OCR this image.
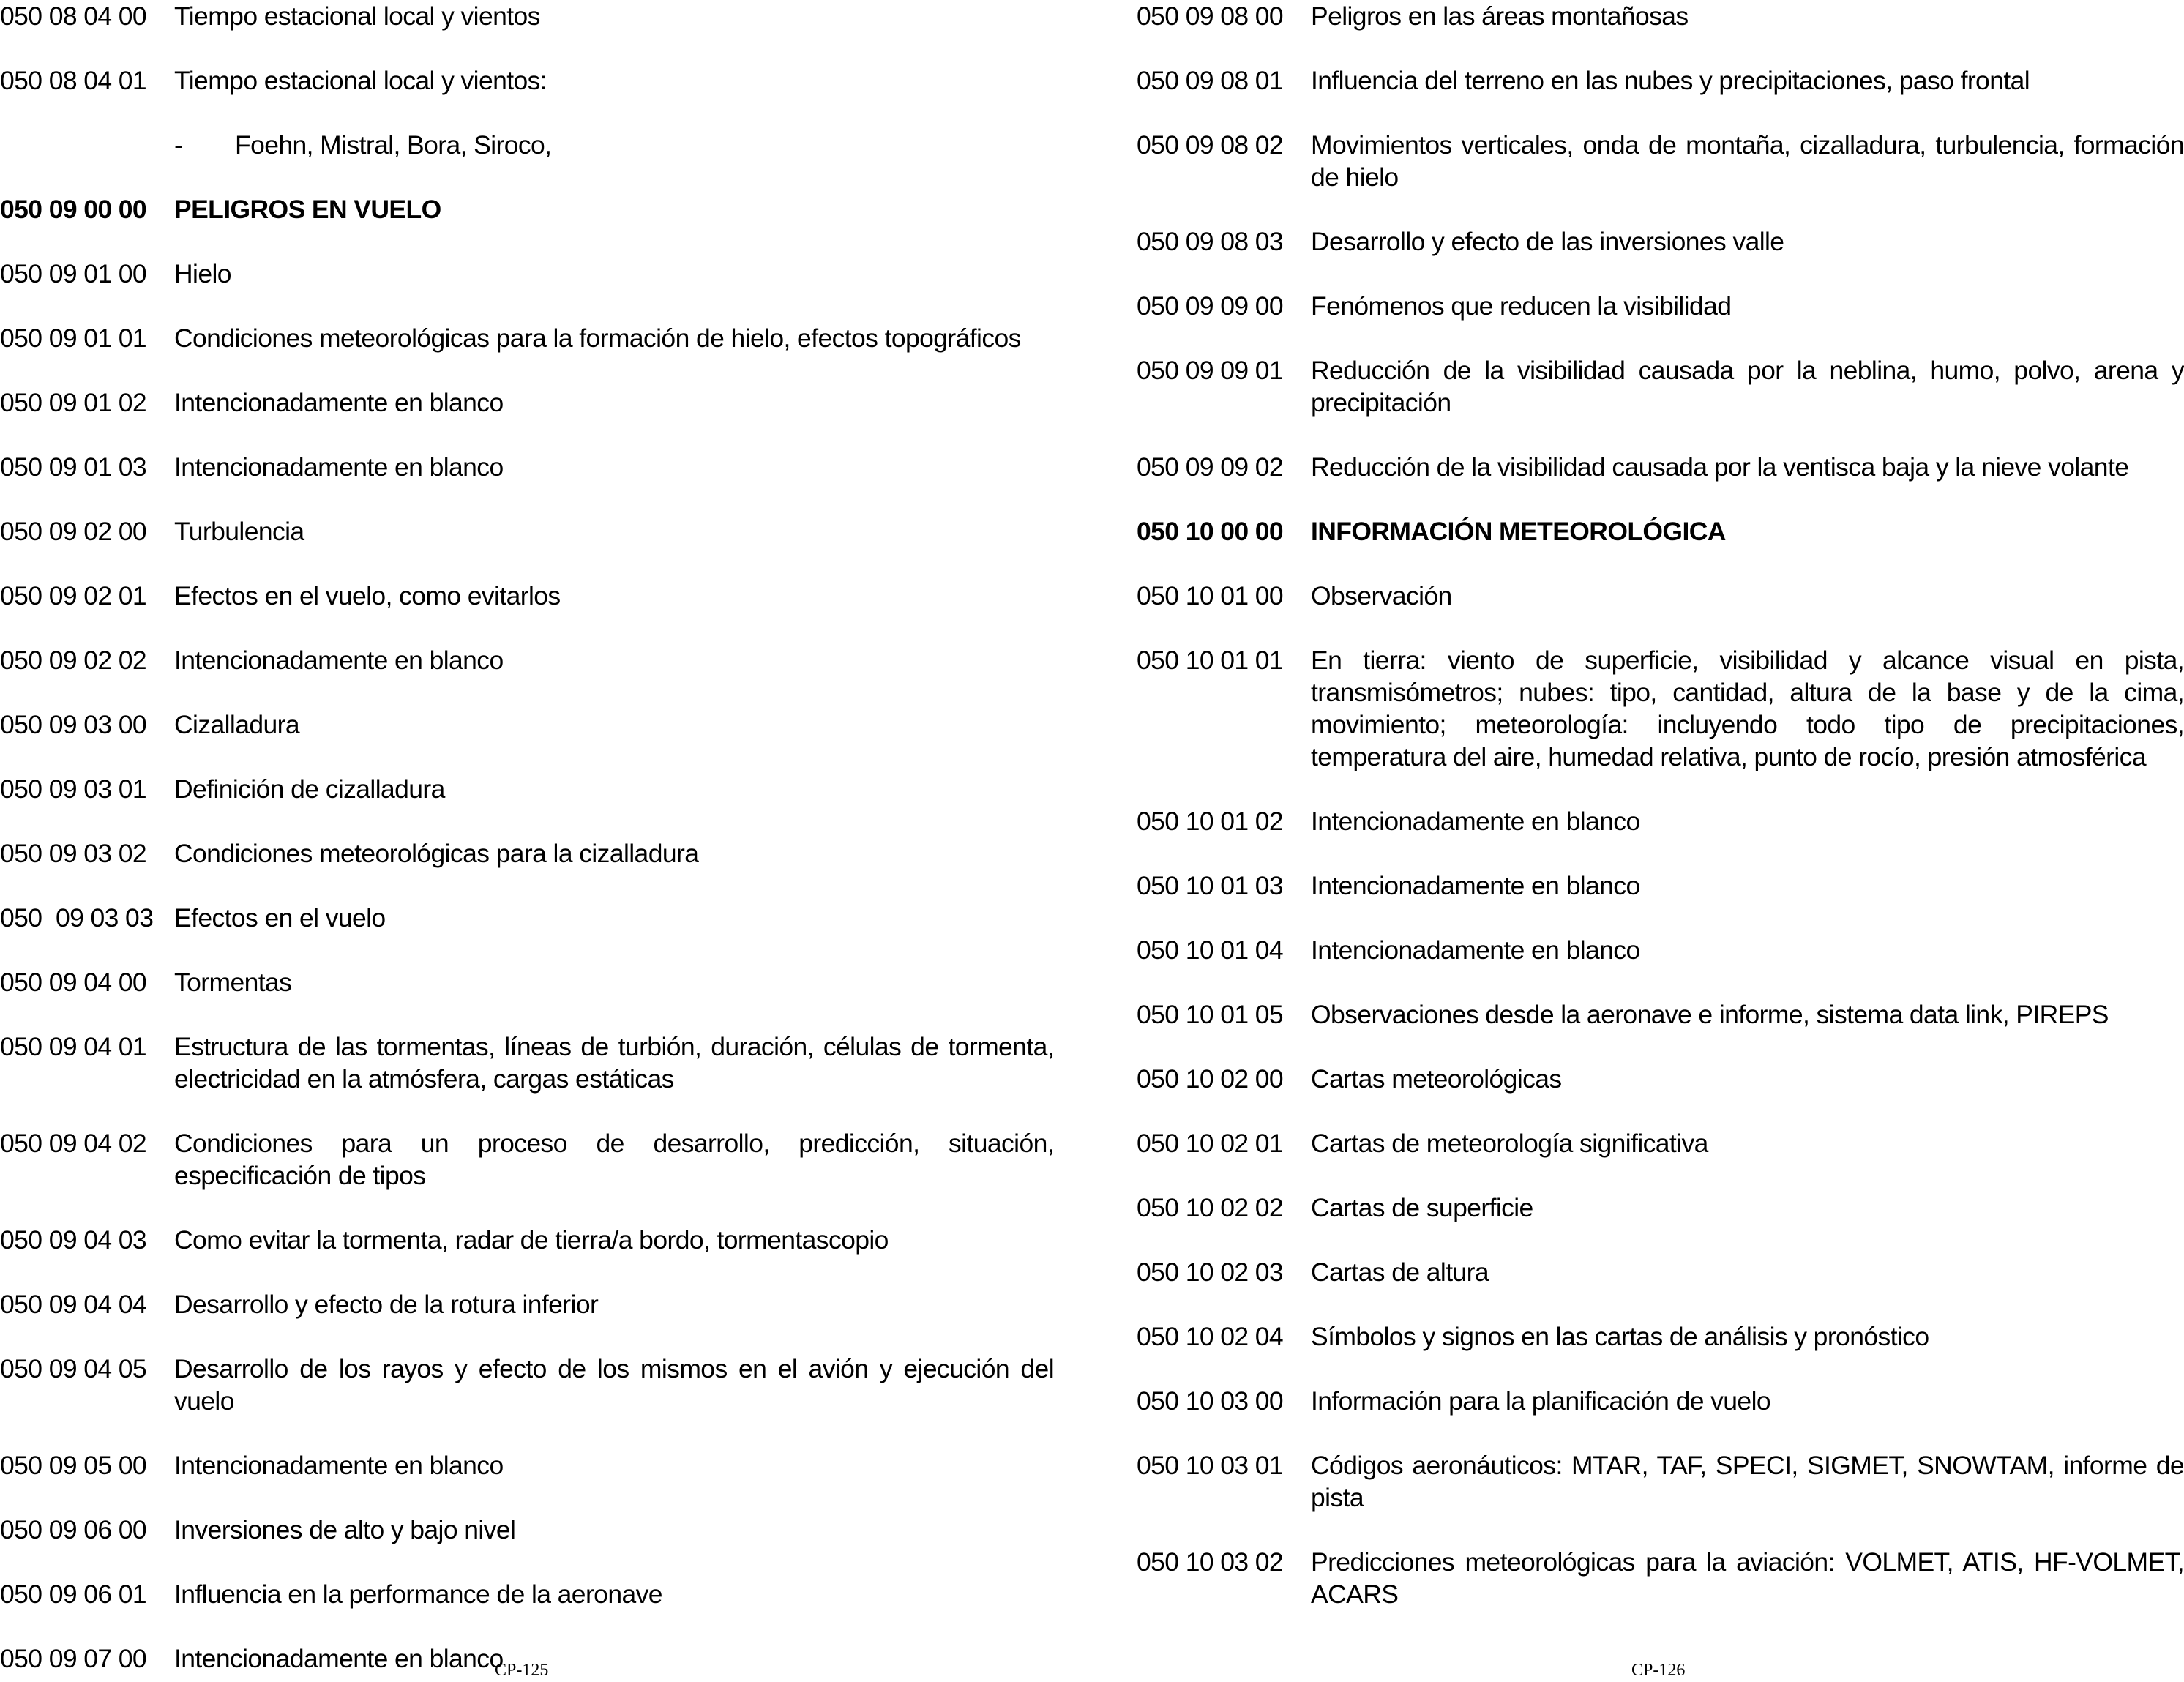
050 08 04 00	Tiempo estacional local y vientos
050 08 04 01	Tiempo estacional local y vientos:
-	Foehn, Mistral, Bora, Siroco,
050 09 00 00	PELIGROS EN VUELO
050 09 01 00	Hielo
050 09 01 01	Condiciones meteorológicas para la formación de hielo, efectos topográficos
050 09 01 02	Intencionadamente en blanco
050 09 01 03	Intencionadamente en blanco
050 09 02 00	Turbulencia
050 09 02 01	Efectos en el vuelo, como evitarlos
050 09 02 02	Intencionadamente en blanco
050 09 03 00	Cizalladura
050 09 03 01	Definición de cizalladura
050 09 03 02	Condiciones meteorológicas para la cizalladura
050  09 03 03 Efectos en el vuelo
050 09 04 00	Tormentas
050 09 04 01	Estructura de las tormentas, líneas de turbión, duración, células de tormenta, electricidad en la atmósfera, cargas estáticas
050 09 04 02	Condiciones para un proceso de desarrollo, predicción, situación, especificación de tipos
050 09 04 03	Como evitar la tormenta, radar de tierra/a bordo, tormentascopio
050 09 04 04	Desarrollo y efecto de la rotura inferior
050 09 04 05	Desarrollo de los rayos y efecto de los mismos en el avión y ejecución del vuelo
050 09 05 00	Intencionadamente en blanco
050 09 06 00	Inversiones de alto y bajo nivel
050 09 06 01	Influencia en la performance de la aeronave
050 09 07 00	Intencionadamente en blanco
050 09 08 00	Peligros en las áreas montañosas
050 09 08 01	Influencia del terreno en las nubes y precipitaciones, paso frontal
050 09 08 02	Movimientos verticales, onda de montaña, cizalladura, turbulencia, formación de hielo
050 09 08 03	Desarrollo y efecto de las inversiones valle
050 09 09 00	Fenómenos que reducen la visibilidad
050 09 09 01	Reducción de la visibilidad causada por la neblina, humo, polvo, arena y precipitación
050 09 09 02	Reducción de la visibilidad causada por la ventisca baja y la nieve volante
050 10 00 00	INFORMACIÓN METEOROLÓGICA
050 10 01 00	Observación
050 10 01 01	En tierra: viento de superficie, visibilidad y alcance visual en pista, transmisómetros; nubes: tipo, cantidad, altura de la base y de la cima, movimiento; meteorología: incluyendo todo tipo de precipitaciones, temperatura del aire, humedad relativa, punto de rocío, presión atmosférica
050 10 01 02	Intencionadamente en blanco
050 10 01 03	Intencionadamente en blanco
050 10 01 04	Intencionadamente en blanco
050 10 01 05	Observaciones desde la aeronave e informe, sistema data link, PIREPS
050 10 02 00	Cartas meteorológicas
050 10 02 01	Cartas de meteorología significativa
050 10 02 02	Cartas de superficie
050 10 02 03	Cartas de altura
050 10 02 04	Símbolos y signos en las cartas de análisis y pronóstico
050 10 03 00	Información para la planificación de vuelo
050 10 03 01	Códigos aeronáuticos: MTAR, TAF, SPECI, SIGMET, SNOWTAM, informe de pista
050 10 03 02	Predicciones meteorológicas para la aviación: VOLMET, ATIS, HF-VOLMET, ACARS
CP-125	CP-126
